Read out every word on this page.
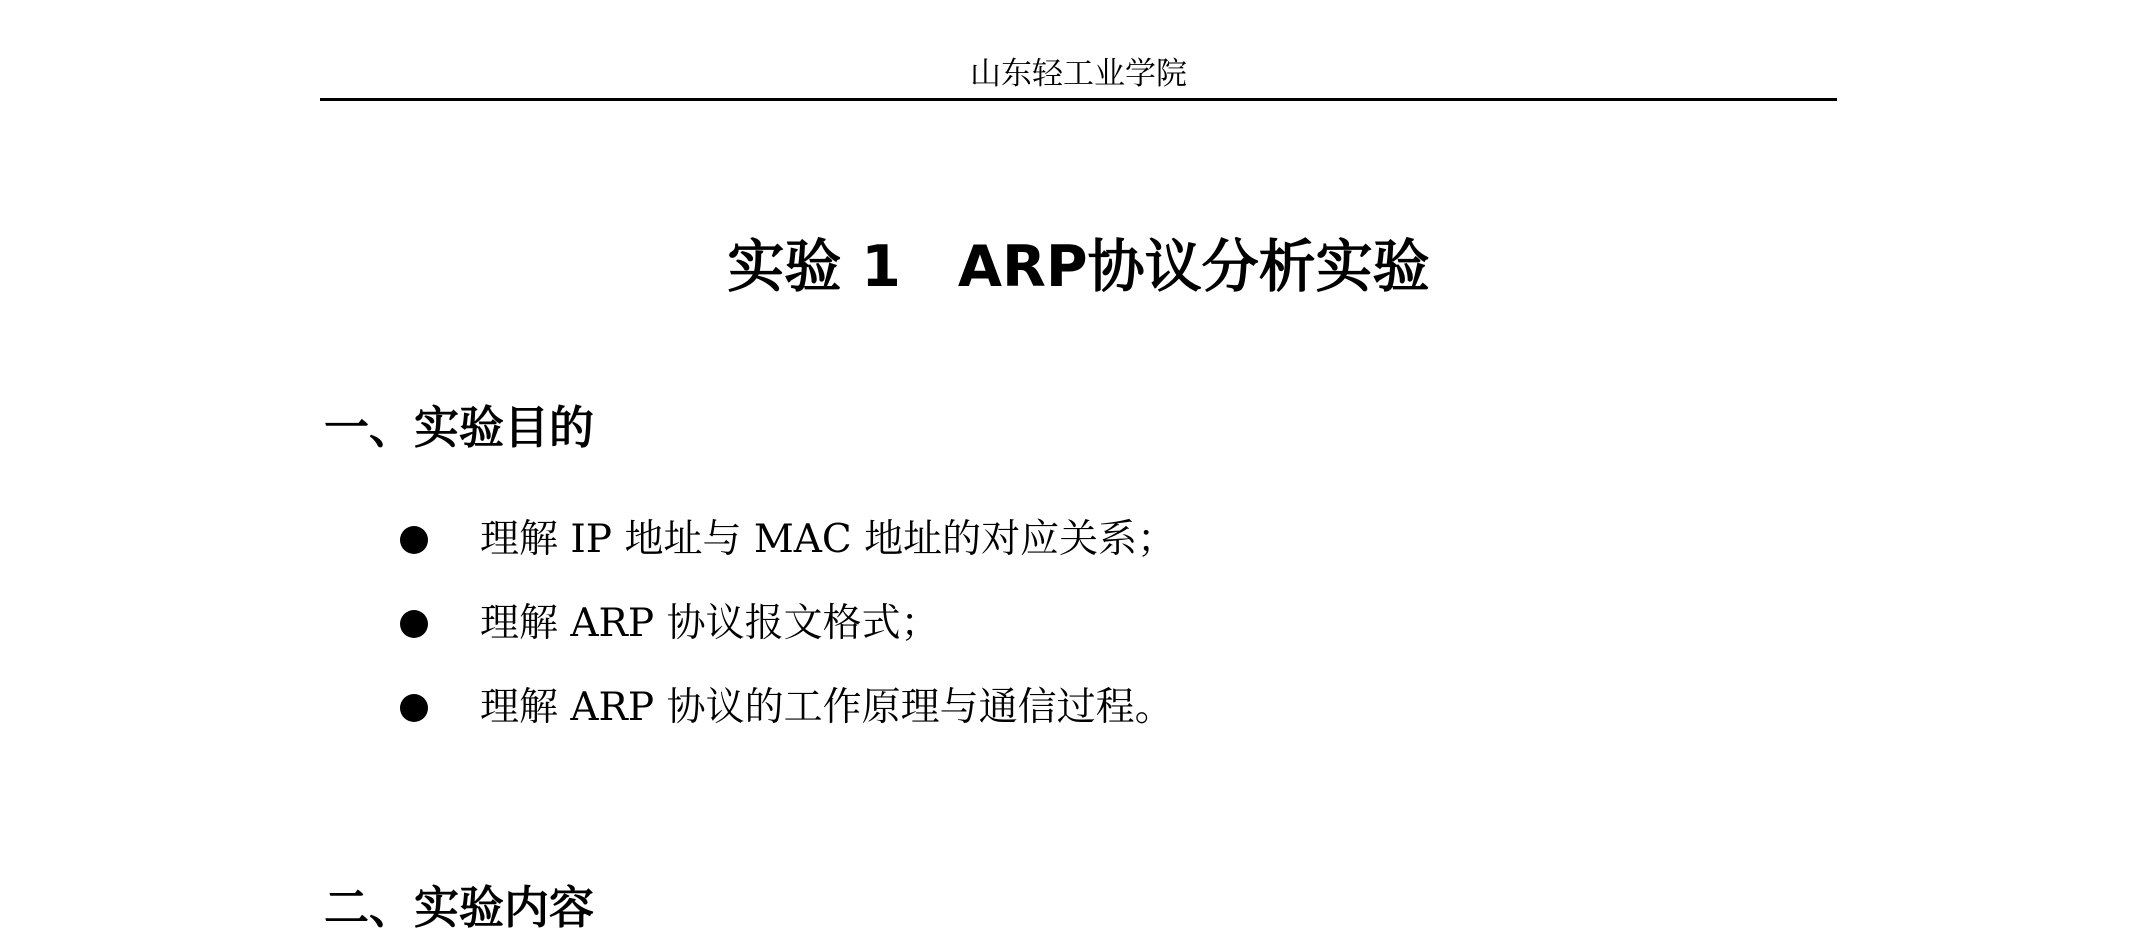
山东轻工业学院
实验 1　ARP协议分析实验
一、实验目的
理解 IP 地址与 MAC 地址的对应关系；
理解 ARP 协议报文格式；
理解 ARP 协议的工作原理与通信过程。
二、实验内容
